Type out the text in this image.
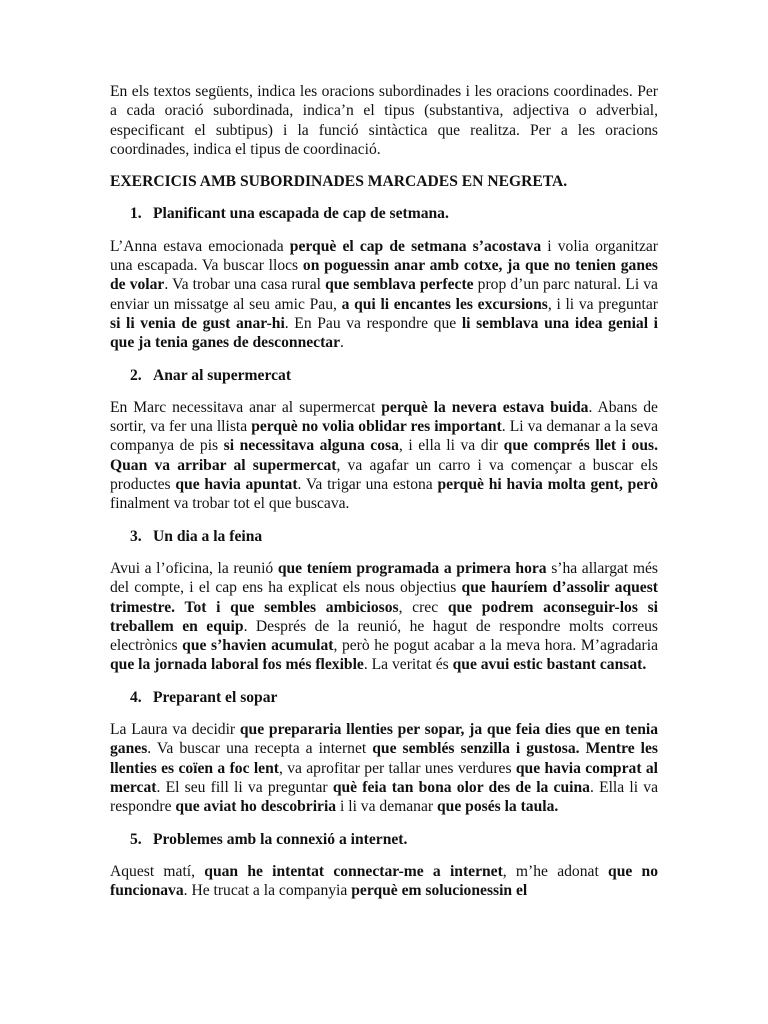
En els textos següents, indica les oracions subordinades i les oracions coordinades. Per a cada oració subordinada, indica’n el tipus (substantiva, adjectiva o adverbial, especificant el subtipus) i la funció sintàctica que realitza. Per a les oracions coordinades, indica el tipus de coordinació.

EXERCICIS AMB SUBORDINADES MARCADES EN NEGRETA.

1. Planificant una escapada de cap de setmana.

L’Anna estava emocionada perquè el cap de setmana s’acostava i volia organitzar una escapada. Va buscar llocs on poguessin anar amb cotxe, ja que no tenien ganes de volar. Va trobar una casa rural que semblava perfecte prop d’un parc natural. Li va enviar un missatge al seu amic Pau, a qui li encantes les excursions, i li va preguntar si li venia de gust anar-hi. En Pau va respondre que li semblava una idea genial i que ja tenia ganes de desconnectar.

2. Anar al supermercat

En Marc necessitava anar al supermercat perquè la nevera estava buida. Abans de sortir, va fer una llista perquè no volia oblidar res important. Li va demanar a la seva companya de pis si necessitava alguna cosa, i ella li va dir que comprés llet i ous. Quan va arribar al supermercat, va agafar un carro i va començar a buscar els productes que havia apuntat. Va trigar una estona perquè hi havia molta gent, però finalment va trobar tot el que buscava.

3. Un dia a la feina

Avui a l’oficina, la reunió que teníem programada a primera hora s’ha allargat més del compte, i el cap ens ha explicat els nous objectius que hauríem d’assolir aquest trimestre. Tot i que sembles ambiciosos, crec que podrem aconseguir-los si treballem en equip. Després de la reunió, he hagut de respondre molts correus electrònics que s’havien acumulat, però he pogut acabar a la meva hora. M’agradaria que la jornada laboral fos més flexible. La veritat és que avui estic bastant cansat.

4. Preparant el sopar

La Laura va decidir que prepararia llenties per sopar, ja que feia dies que en tenia ganes. Va buscar una recepta a internet que semblés senzilla i gustosa. Mentre les llenties es coïen a foc lent, va aprofitar per tallar unes verdures que havia comprat al mercat. El seu fill li va preguntar què feia tan bona olor des de la cuina. Ella li va respondre que aviat ho descobriria i li va demanar que posés la taula.

5. Problemes amb la connexió a internet.

Aquest matí, quan he intentat connectar-me a internet, m’he adonat que no funcionava. He trucat a la companyia perquè em solucionessin el
